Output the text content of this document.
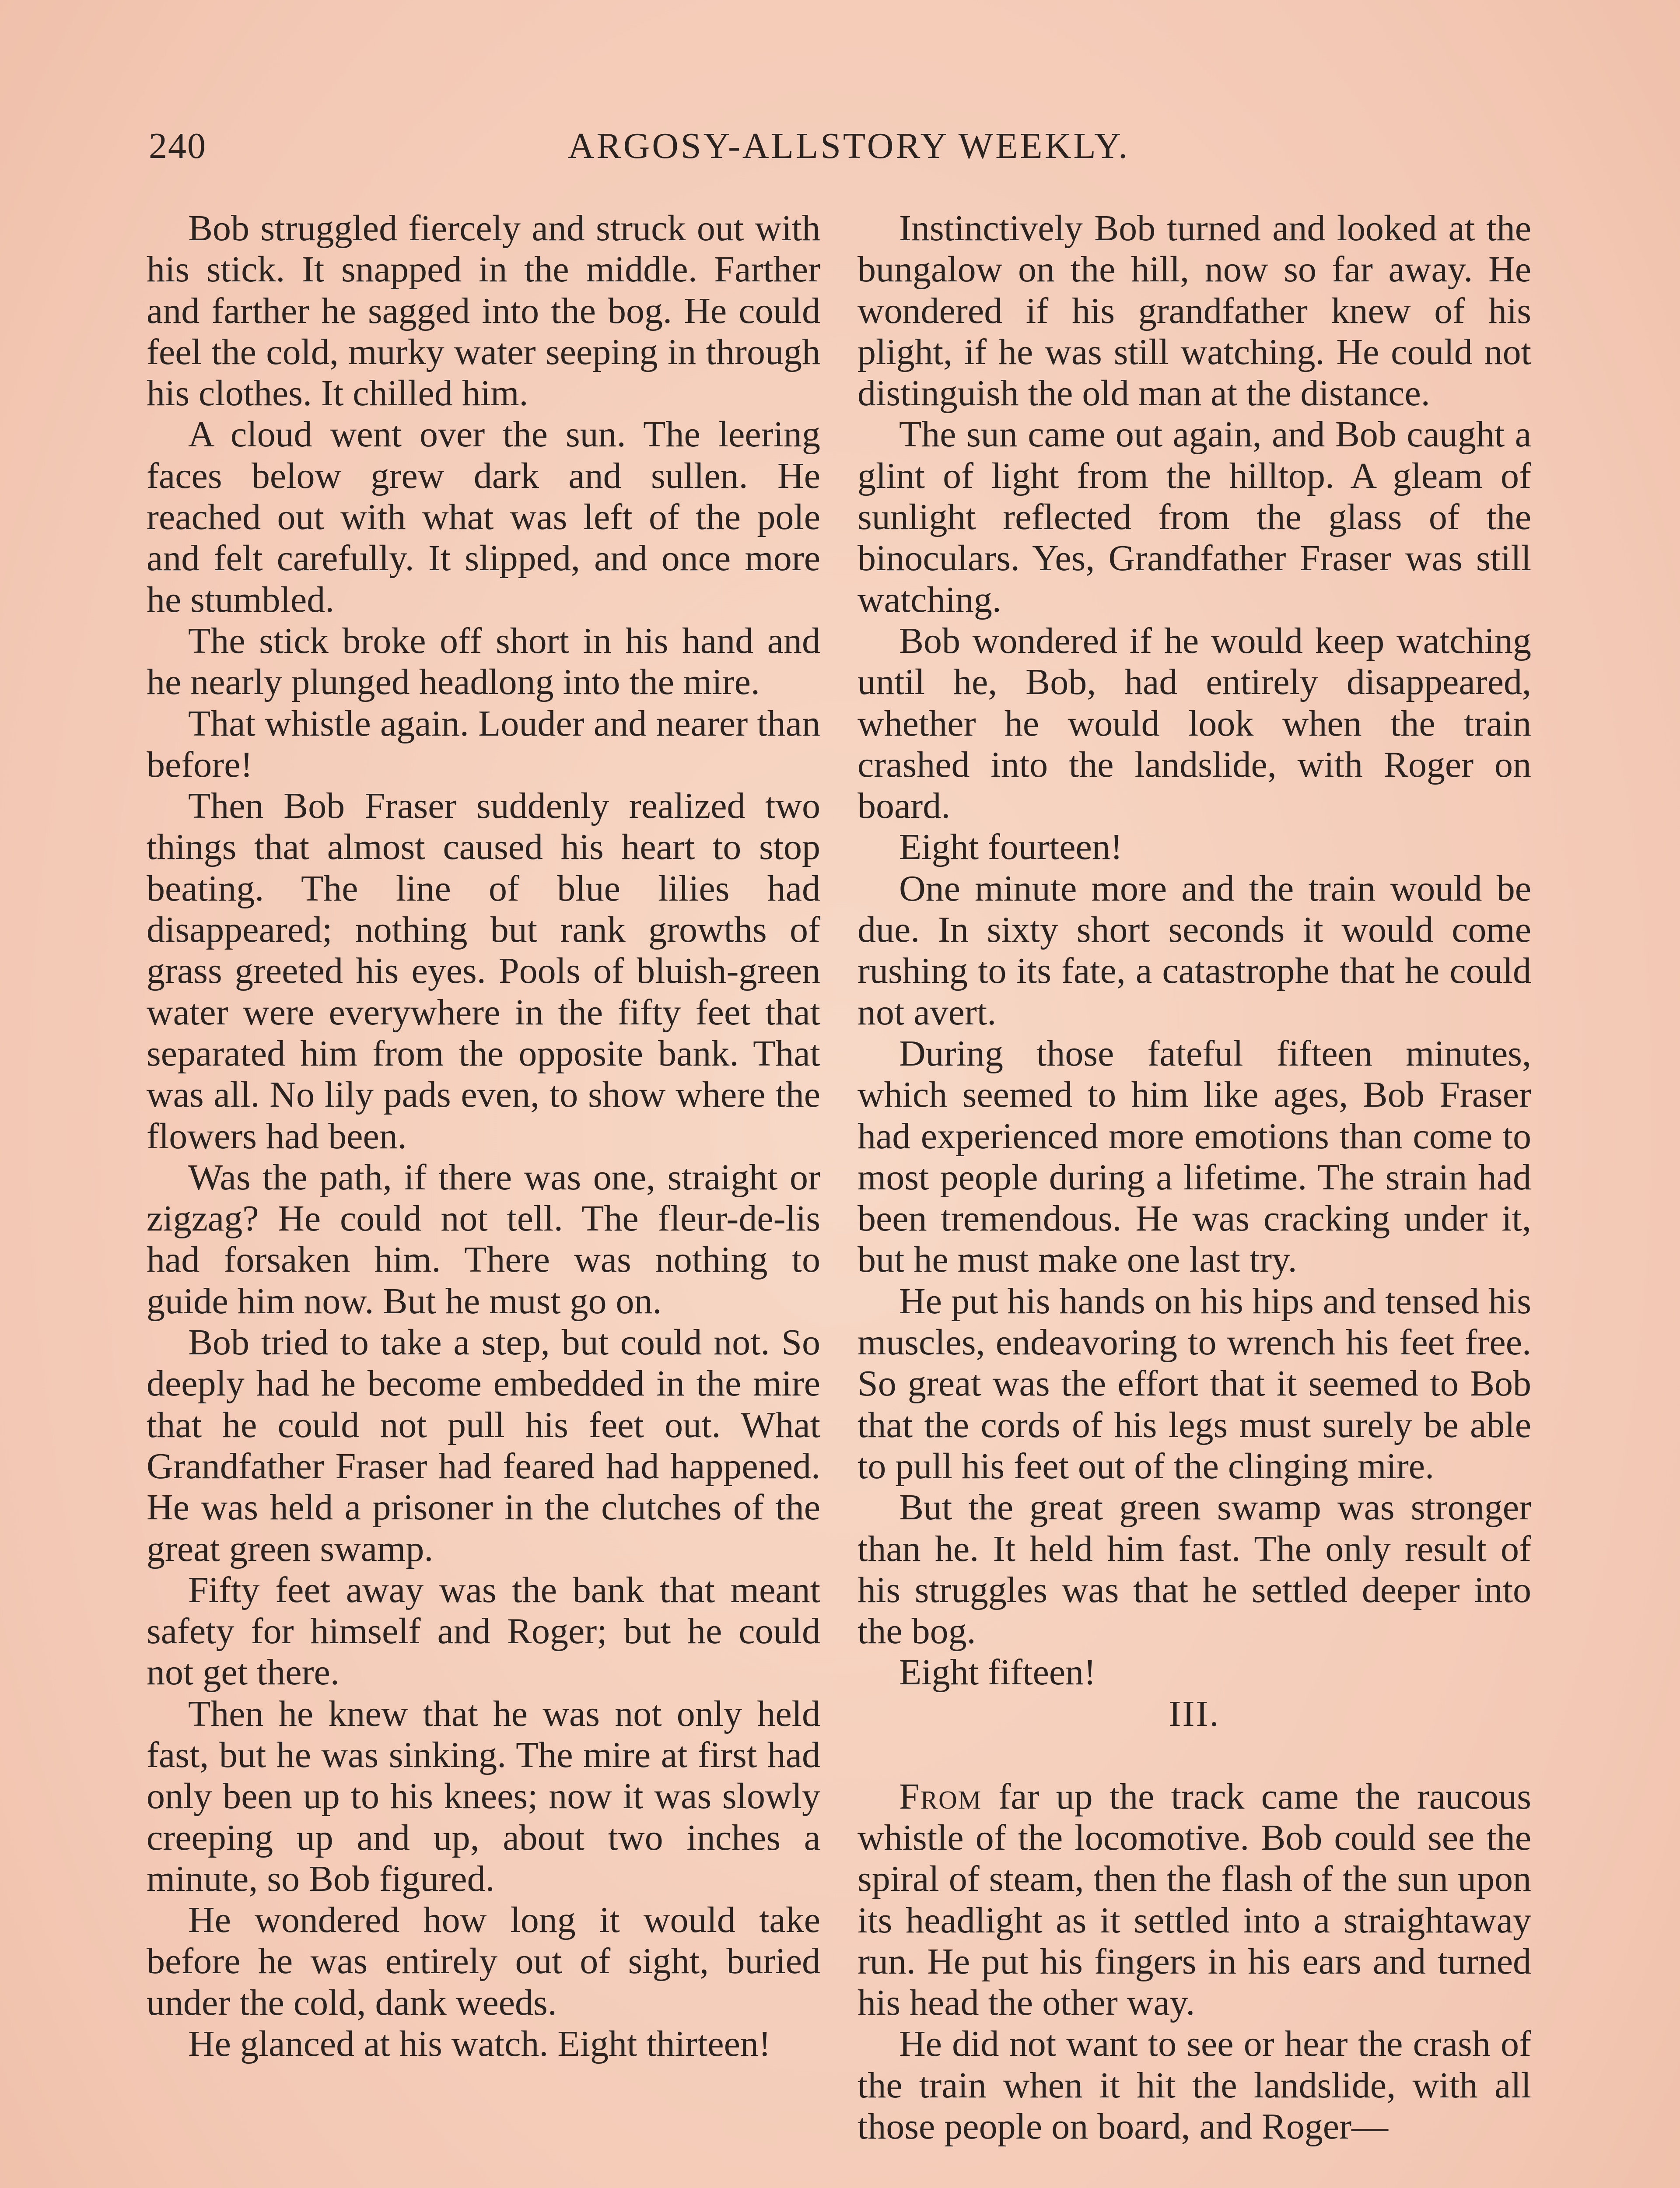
240	ARGOSY-ALLSTORY WEEKLY.

Bob struggled fiercely and struck out with his stick. It snapped in the middle. Farther and farther he sagged into the bog. He could feel the cold, murky water seeping in through his clothes. It chilled him.

A cloud went over the sun. The leering faces below grew dark and sullen. He reached out with what was left of the pole and felt carefully. It slipped, and once more he stumbled.

The stick broke off short in his hand and he nearly plunged headlong into the mire.

That whistle again. Louder and nearer than before!

Then Bob Fraser suddenly realized two things that almost caused his heart to stop beating. The line of blue lilies had disappeared; nothing but rank growths of grass greeted his eyes. Pools of bluish-green water were everywhere in the fifty feet that separated him from the opposite bank. That was all. No lily pads even, to show where the flowers had been.

Was the path, if there was one, straight or zigzag? He could not tell. The fleur-de-lis had forsaken him. There was nothing to guide him now. But he must go on.

Bob tried to take a step, but could not. So deeply had he become embedded in the mire that he could not pull his feet out. What Grandfather Fraser had feared had happened. He was held a prisoner in the clutches of the great green swamp.

Fifty feet away was the bank that meant safety for himself and Roger; but he could not get there.

Then he knew that he was not only held fast, but he was sinking. The mire at first had only been up to his knees; now it was slowly creeping up and up, about two inches a minute, so Bob figured.

He wondered how long it would take before he was entirely out of sight, buried under the cold, dank weeds.

He glanced at his watch. Eight thirteen!

Instinctively Bob turned and looked at the bungalow on the hill, now so far away. He wondered if his grandfather knew of his plight, if he was still watching. He could not distinguish the old man at the distance.

The sun came out again, and Bob caught a glint of light from the hilltop. A gleam of sunlight reflected from the glass of the binoculars. Yes, Grandfather Fraser was still watching.

Bob wondered if he would keep watching until he, Bob, had entirely disappeared, whether he would look when the train crashed into the landslide, with Roger on board.

Eight fourteen!

One minute more and the train would be due. In sixty short seconds it would come rushing to its fate, a catastrophe that he could not avert.

During those fateful fifteen minutes, which seemed to him like ages, Bob Fraser had experienced more emotions than come to most people during a lifetime. The strain had been tremendous. He was cracking under it, but he must make one last try.

He put his hands on his hips and tensed his muscles, endeavoring to wrench his feet free. So great was the effort that it seemed to Bob that the cords of his legs must surely be able to pull his feet out of the clinging mire.

But the great green swamp was stronger than he. It held him fast. The only result of his struggles was that he settled deeper into the bog.

Eight fifteen!

III.

From far up the track came the raucous whistle of the locomotive. Bob could see the spiral of steam, then the flash of the sun upon its headlight as it settled into a straightaway run. He put his fingers in his ears and turned his head the other way.

He did not want to see or hear the crash of the train when it hit the landslide, with all those people on board, and Roger—
